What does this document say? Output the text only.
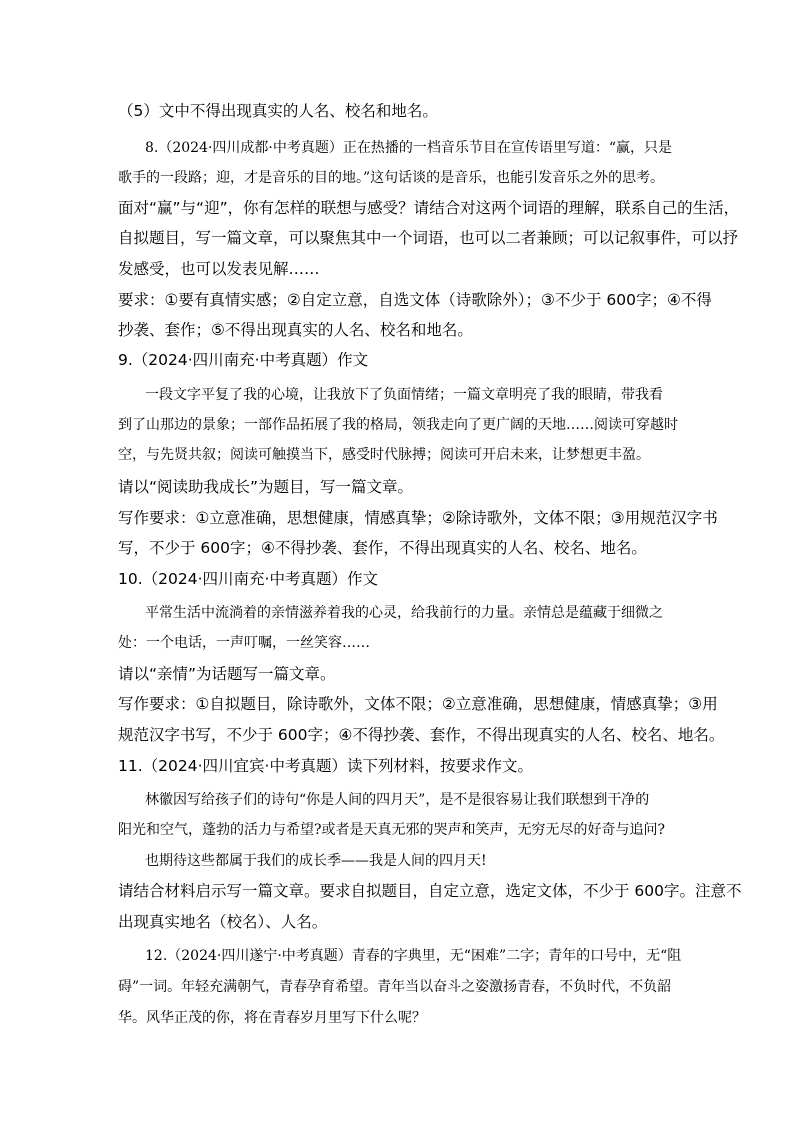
（5）文中不得出现真实的人名、校名和地名。
8.（2024·四川成都·中考真题）正在热播的一档音乐节目在宣传语里写道：“赢，只是
歌手的一段路；迎，才是音乐的目的地。”这句话谈的是音乐，也能引发音乐之外的思考。
面对“赢”与“迎”，你有怎样的联想与感受？请结合对这两个词语的理解，联系自己的生活，
自拟题目，写一篇文章，可以聚焦其中一个词语，也可以二者兼顾；可以记叙事件，可以抒
发感受，也可以发表见解……
要求：①要有真情实感；②自定立意，自选文体（诗歌除外）；③不少于 600字；④不得
抄袭、套作；⑤不得出现真实的人名、校名和地名。
9.（2024·四川南充·中考真题）作文
一段文字平复了我的心境，让我放下了负面情绪；一篇文章明亮了我的眼睛，带我看
到了山那边的景象；一部作品拓展了我的格局，领我走向了更广阔的天地……阅读可穿越时
空，与先贤共叙；阅读可触摸当下，感受时代脉搏；阅读可开启未来，让梦想更丰盈。
请以“阅读助我成长”为题目，写一篇文章。
写作要求：①立意准确，思想健康，情感真挚；②除诗歌外，文体不限；③用规范汉字书
写，不少于 600字；④不得抄袭、套作，不得出现真实的人名、校名、地名。
10.（2024·四川南充·中考真题）作文
平常生活中流淌着的亲情滋养着我的心灵，给我前行的力量。亲情总是蕴藏于细微之
处：一个电话，一声叮嘱，一丝笑容……
请以“亲情”为话题写一篇文章。
写作要求：①自拟题目，除诗歌外，文体不限；②立意准确，思想健康，情感真挚；③用
规范汉字书写，不少于 600字；④不得抄袭、套作，不得出现真实的人名、校名、地名。
11.（2024·四川宜宾·中考真题）读下列材料，按要求作文。
林徽因写给孩子们的诗句“你是人间的四月天”，是不是很容易让我们联想到干净的
阳光和空气，蓬勃的活力与希望?或者是天真无邪的哭声和笑声，无穷无尽的好奇与追问?
也期待这些都属于我们的成长季——我是人间的四月天!
请结合材料启示写一篇文章。要求自拟题目，自定立意，选定文体，不少于 600字。注意不
出现真实地名（校名）、人名。
12.（2024·四川遂宁·中考真题）青春的字典里，无“困难”二字；青年的口号中，无“阻
碍”一词。年轻充满朝气，青春孕育希望。青年当以奋斗之姿激扬青春，不负时代，不负韶
华。风华正茂的你，将在青春岁月里写下什么呢？
